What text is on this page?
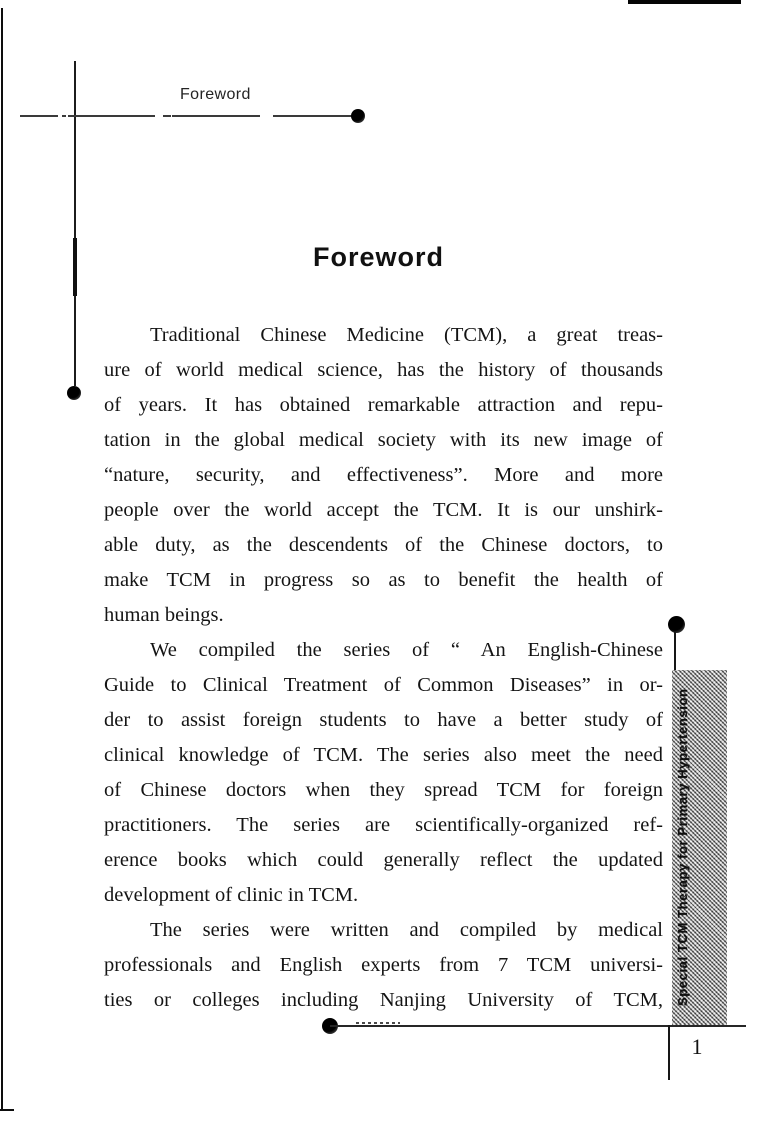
Foreword
Foreword
Traditional Chinese Medicine (TCM), a great treas-
ure of world medical science, has the history of thousands
of years. It has obtained remarkable attraction and repu-
tation in the global medical society with its new image of
“nature, security, and effectiveness”. More and more
people over the world accept the TCM. It is our unshirk-
able duty, as the descendents of the Chinese doctors, to
make TCM in progress so as to benefit the health of
human beings.
We compiled the series of “ An English-Chinese
Guide to Clinical Treatment of Common Diseases” in or-
der to assist foreign students to have a better study of
clinical knowledge of TCM. The series also meet the need
of Chinese doctors when they spread TCM for foreign
practitioners. The series are scientifically-organized ref-
erence books which could generally reflect the updated
development of clinic in TCM.
The series were written and compiled by medical
professionals and English experts from 7 TCM universi-
ties or colleges including Nanjing University of TCM, Special TCM Therapy for Primary Hypertension
1
